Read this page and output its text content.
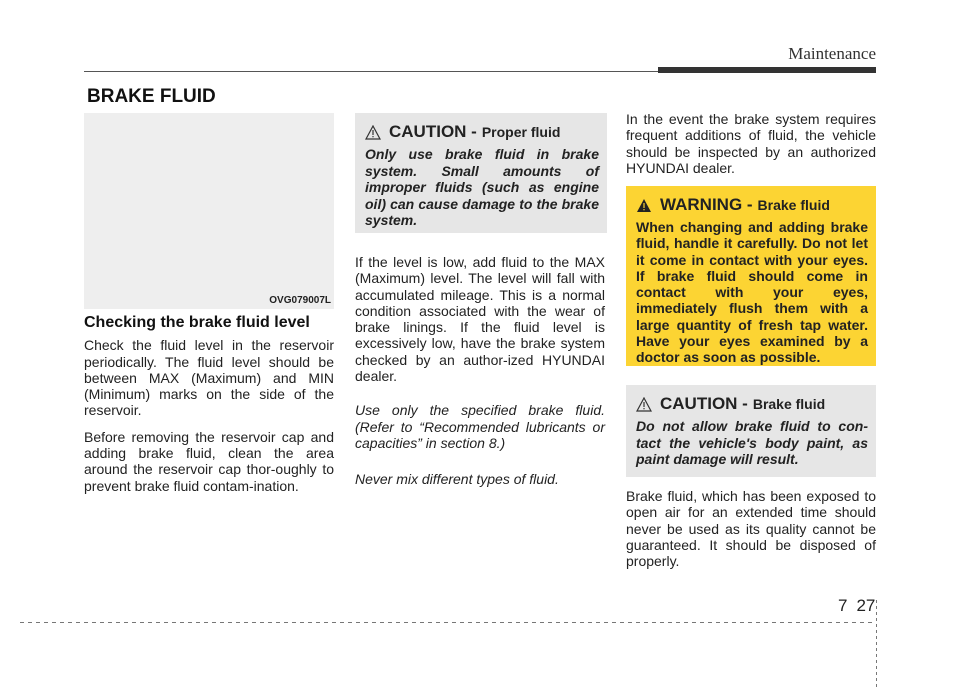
Maintenance
BRAKE FLUID
OVG079007L
Checking the brake fluid level

Check the fluid level in the reservoir periodically. The fluid level should be between MAX (Maximum) and MIN (Minimum) marks on the side of the reservoir.

Before removing the reservoir cap and adding brake fluid, clean the area around the reservoir cap thor-oughly to prevent brake fluid contam-ination.

CAUTION - Proper fluid
Only use brake fluid in brake system. Small amounts of improper fluids (such as engine oil) can cause damage to the brake system.

If the level is low, add fluid to the MAX (Maximum) level. The level will fall with accumulated mileage. This is a normal condition associated with the wear of brake linings. If the fluid level is excessively low, have the brake system checked by an author-ized HYUNDAI dealer.

Use only the specified brake fluid. (Refer to “Recommended lubricants or capacities” in section 8.)

Never mix different types of fluid.

In the event the brake system requires frequent additions of fluid, the vehicle should be inspected by an authorized HYUNDAI dealer.

WARNING - Brake fluid
When changing and adding brake fluid, handle it carefully. Do not let it come in contact with your eyes. If brake fluid should come in contact with your eyes, immediately flush them with a large quantity of fresh tap water. Have your eyes examined by a doctor as soon as possible.
CAUTION - Brake fluid
Do not allow brake fluid to con-tact the vehicle's body paint, as paint damage will result.

Brake fluid, which has been exposed to open air for an extended time should never be used as its quality cannot be guaranteed. It should be disposed of properly.

7 27
